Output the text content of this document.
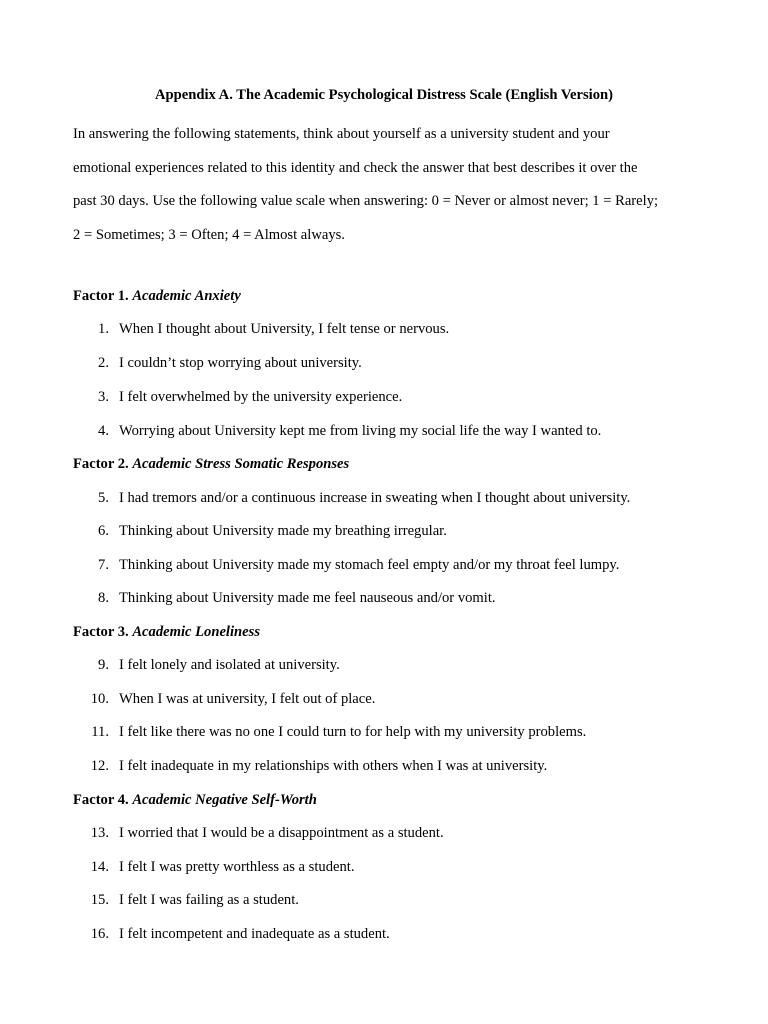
Appendix A. The Academic Psychological Distress Scale (English Version)
In answering the following statements, think about yourself as a university student and your
emotional experiences related to this identity and check the answer that best describes it over the
past 30 days. Use the following value scale when answering: 0 = Never or almost never; 1 = Rarely;
2 = Sometimes; 3 = Often; 4 = Almost always.
Factor 1. Academic Anxiety
1. When I thought about University, I felt tense or nervous.
2. I couldn’t stop worrying about university.
3. I felt overwhelmed by the university experience.
4. Worrying about University kept me from living my social life the way I wanted to.
Factor 2. Academic Stress Somatic Responses
5. I had tremors and/or a continuous increase in sweating when I thought about university.
6. Thinking about University made my breathing irregular.
7. Thinking about University made my stomach feel empty and/or my throat feel lumpy.
8. Thinking about University made me feel nauseous and/or vomit.
Factor 3. Academic Loneliness
9. I felt lonely and isolated at university.
10. When I was at university, I felt out of place.
11. I felt like there was no one I could turn to for help with my university problems.
12. I felt inadequate in my relationships with others when I was at university.
Factor 4. Academic Negative Self-Worth
13. I worried that I would be a disappointment as a student.
14. I felt I was pretty worthless as a student.
15. I felt I was failing as a student.
16. I felt incompetent and inadequate as a student.
